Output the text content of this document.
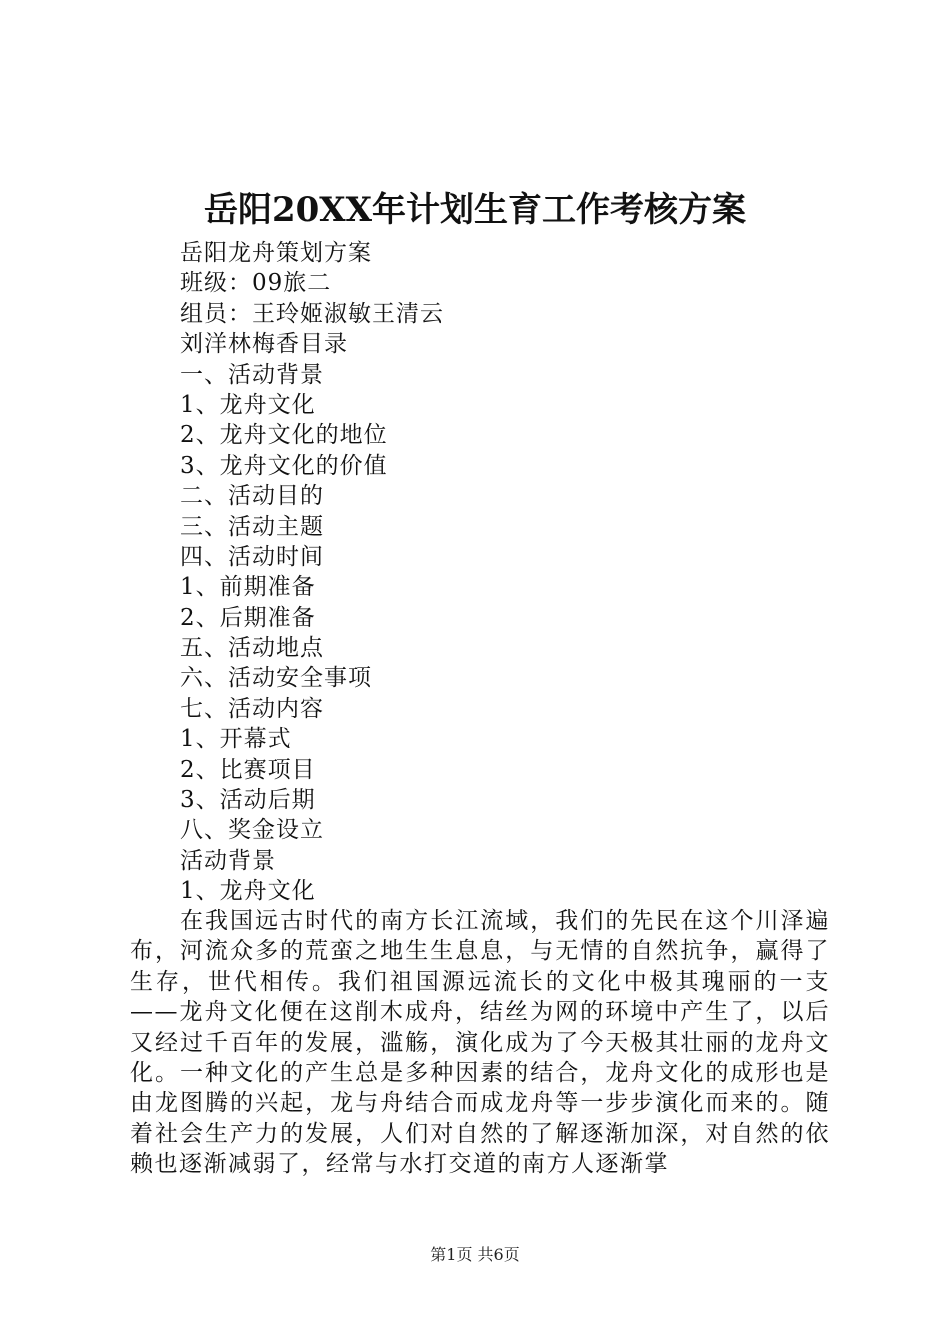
岳阳20XX年计划生育工作考核方案
岳阳龙舟策划方案
班级：09旅二
组员：王玲姬淑敏王清云
刘洋林梅香目录
一、活动背景
1、龙舟文化
2、龙舟文化的地位
3、龙舟文化的价值
二、活动目的
三、活动主题
四、活动时间
1、前期准备
2、后期准备
五、活动地点
六、活动安全事项
七、活动内容
1、开幕式
2、比赛项目
3、活动后期
八、奖金设立
活动背景
1、龙舟文化

在我国远古时代的南方长江流域，我们的先民在这个川泽遍布，河流众多的荒蛮之地生生息息，与无情的自然抗争，赢得了生存，世代相传。我们祖国源远流长的文化中极其瑰丽的一支——龙舟文化便在这削木成舟，结丝为网的环境中产生了，以后又经过千百年的发展，滥觞，演化成为了今天极其壮丽的龙舟文化。一种文化的产生总是多种因素的结合，龙舟文化的成形也是由龙图腾的兴起，龙与舟结合而成龙舟等一步步演化而来的。随着社会生产力的发展，人们对自然的了解逐渐加深，对自然的依赖也逐渐减弱了，经常与水打交道的南方人逐渐掌

第1页 共6页
